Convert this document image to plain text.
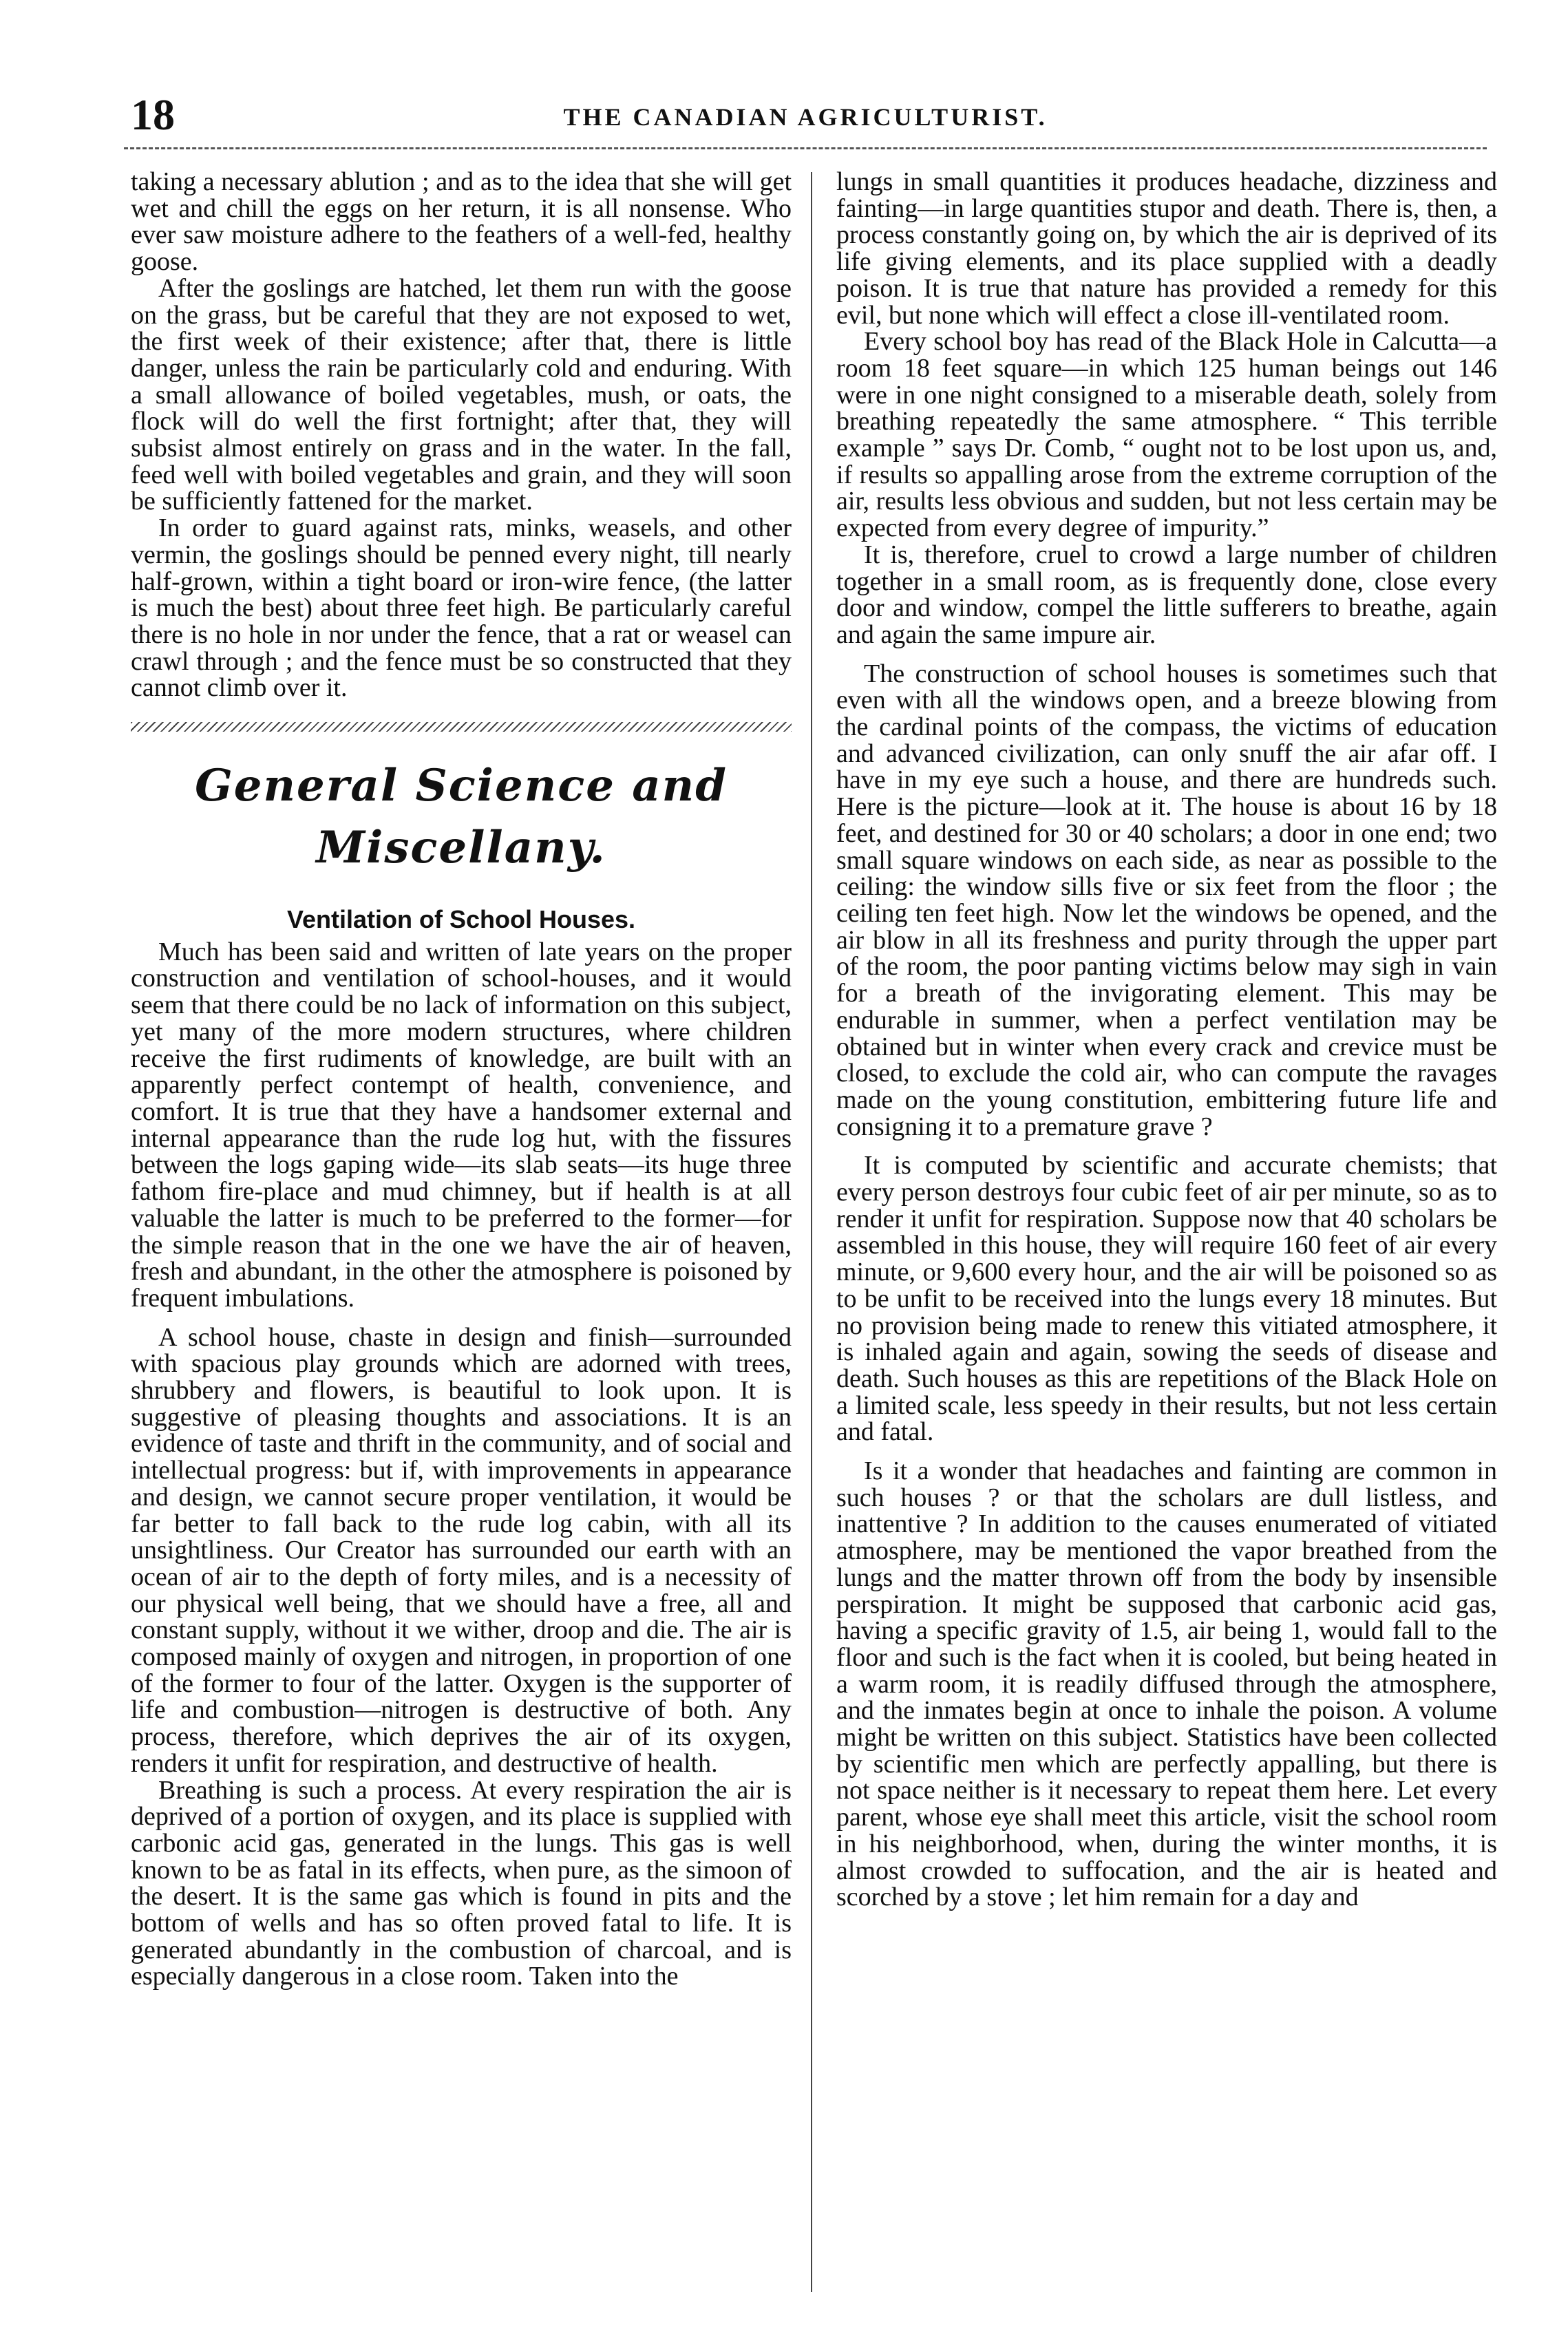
18	THE CANADIAN AGRICULTURIST.

taking a necessary ablution ; and as to the idea that she will get wet and chill the eggs on her return, it is all nonsense. Who ever saw moisture adhere to the feathers of a well-fed, healthy goose.

After the goslings are hatched, let them run with the goose on the grass, but be careful that they are not exposed to wet, the first week of their existence; after that, there is little danger, unless the rain be particularly cold and enduring. With a small allowance of boiled vegetables, mush, or oats, the flock will do well the first fortnight; after that, they will subsist almost entirely on grass and in the water. In the fall, feed well with boiled vegetables and grain, and they will soon be sufficiently fattened for the market.

In order to guard against rats, minks, weasels, and other vermin, the goslings should be penned every night, till nearly half-grown, within a tight board or iron-wire fence, (the latter is much the best) about three feet high. Be particularly careful there is no hole in nor under the fence, that a rat or weasel can crawl through ; and the fence must be so constructed that they cannot climb over it.

General Science and Miscellany.
Ventilation of School Houses.

Much has been said and written of late years on the proper construction and ventilation of school-houses, and it would seem that there could be no lack of information on this subject, yet many of the more modern structures, where children receive the first rudiments of knowledge, are built with an apparently perfect contempt of health, convenience, and comfort. It is true that they have a handsomer external and internal appearance than the rude log hut, with the fissures between the logs gaping wide—its slab seats—its huge three fathom fire-place and mud chimney, but if health is at all valuable the latter is much to be preferred to the former—for the simple reason that in the one we have the air of heaven, fresh and abundant, in the other the atmosphere is poisoned by frequent imbulations.

A school house, chaste in design and finish—surrounded with spacious play grounds which are adorned with trees, shrubbery and flowers, is beautiful to look upon. It is suggestive of pleasing thoughts and associations. It is an evidence of taste and thrift in the community, and of social and intellectual progress: but if, with improvements in appearance and design, we cannot secure proper ventilation, it would be far better to fall back to the rude log cabin, with all its unsightliness. Our Creator has surrounded our earth with an ocean of air to the depth of forty miles, and is a necessity of our physical well being, that we should have a free, all and constant supply, without it we wither, droop and die. The air is composed mainly of oxygen and nitrogen, in proportion of one of the former to four of the latter. Oxygen is the supporter of life and combustion—nitrogen is destructive of both. Any process, therefore, which deprives the air of its oxygen, renders it unfit for respiration, and destructive of health.

Breathing is such a process. At every respiration the air is deprived of a portion of oxygen, and its place is supplied with carbonic acid gas, generated in the lungs. This gas is well known to be as fatal in its effects, when pure, as the simoon of the desert. It is the same gas which is found in pits and the bottom of wells and has so often proved fatal to life. It is generated abundantly in the combustion of charcoal, and is especially dangerous in a close room. Taken into the

lungs in small quantities it produces headache, dizziness and fainting—in large quantities stupor and death. There is, then, a process constantly going on, by which the air is deprived of its life giving elements, and its place supplied with a deadly poison. It is true that nature has provided a remedy for this evil, but none which will effect a close ill-ventilated room.

Every school boy has read of the Black Hole in Calcutta—a room 18 feet square—in which 125 human beings out 146 were in one night consigned to a miserable death, solely from breathing repeatedly the same atmosphere. “ This terrible example ” says Dr. Comb, “ ought not to be lost upon us, and, if results so appalling arose from the extreme corruption of the air, results less obvious and sudden, but not less certain may be expected from every degree of impurity.”

It is, therefore, cruel to crowd a large number of children together in a small room, as is frequently done, close every door and window, compel the little sufferers to breathe, again and again the same impure air.

The construction of school houses is sometimes such that even with all the windows open, and a breeze blowing from the cardinal points of the compass, the victims of education and advanced civilization, can only snuff the air afar off. I have in my eye such a house, and there are hundreds such. Here is the picture—look at it. The house is about 16 by 18 feet, and destined for 30 or 40 scholars; a door in one end; two small square windows on each side, as near as possible to the ceiling: the window sills five or six feet from the floor ; the ceiling ten feet high. Now let the windows be opened, and the air blow in all its freshness and purity through the upper part of the room, the poor panting victims below may sigh in vain for a breath of the invigorating element. This may be endurable in summer, when a perfect ventilation may be obtained but in winter when every crack and crevice must be closed, to exclude the cold air, who can compute the ravages made on the young constitution, embittering future life and consigning it to a premature grave ?

It is computed by scientific and accurate chemists; that every person destroys four cubic feet of air per minute, so as to render it unfit for respiration. Suppose now that 40 scholars be assembled in this house, they will require 160 feet of air every minute, or 9,600 every hour, and the air will be poisoned so as to be unfit to be received into the lungs every 18 minutes. But no provision being made to renew this vitiated atmosphere, it is inhaled again and again, sowing the seeds of disease and death. Such houses as this are repetitions of the Black Hole on a limited scale, less speedy in their results, but not less certain and fatal.

Is it a wonder that headaches and fainting are common in such houses ? or that the scholars are dull listless, and inattentive ? In addition to the causes enumerated of vitiated atmosphere, may be mentioned the vapor breathed from the lungs and the matter thrown off from the body by insensible perspiration. It might be supposed that carbonic acid gas, having a specific gravity of 1.5, air being 1, would fall to the floor and such is the fact when it is cooled, but being heated in a warm room, it is readily diffused through the atmosphere, and the inmates begin at once to inhale the poison. A volume might be written on this subject. Statistics have been collected by scientific men which are perfectly appalling, but there is not space neither is it necessary to repeat them here. Let every parent, whose eye shall meet this article, visit the school room in his neighborhood, when, during the winter months, it is almost crowded to suffocation, and the air is heated and scorched by a stove ; let him remain for a day and
